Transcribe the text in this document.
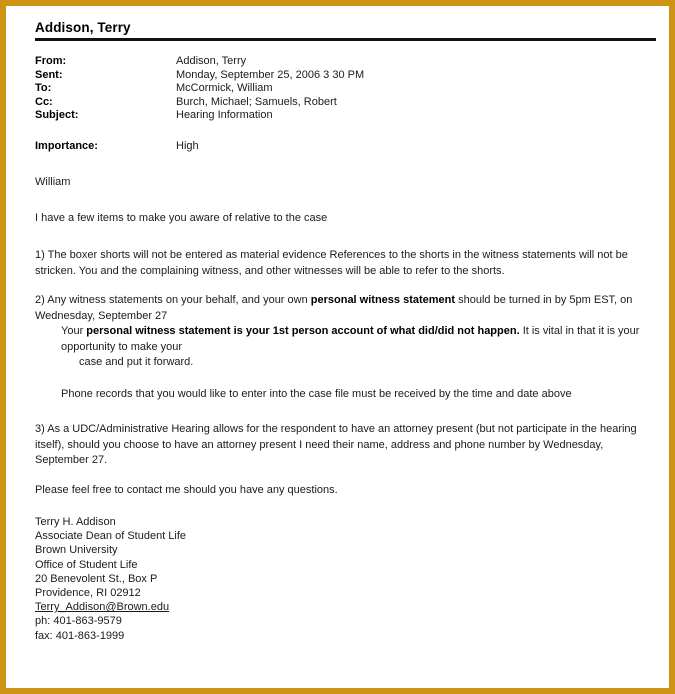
Addison, Terry
From:	Addison, Terry
Sent:	Monday, September 25, 2006 3 30 PM
To:	McCormick, William
Cc:	Burch, Michael; Samuels, Robert
Subject:	Hearing Information
Importance:	High

William

I have a few items to make you aware of relative to the case

1) The boxer shorts will not be entered as material evidence References to the shorts in the witness statements will not be stricken. You and the complaining witness, and other witnesses will be able to refer to the shorts.

2) Any witness statements on your behalf, and your own personal witness statement should be turned in by 5pm EST, on Wednesday, September 27

Your personal witness statement is your 1st person account of what did/did not happen. It is vital in that it is your opportunity to make your

case and put it forward.

Phone records that you would like to enter into the case file must be received by the time and date above

3) As a UDC/Administrative Hearing allows for the respondent to have an attorney present (but not participate in the hearing itself), should you choose to have an attorney present I need their name, address and phone number by Wednesday, September 27.

Please feel free to contact me should you have any questions.

Terry H. Addison
Associate Dean of Student Life
Brown University
Office of Student Life
20 Benevolent St., Box P
Providence, RI 02912
Terry_Addison@Brown.edu
ph: 401-863-9579
fax: 401-863-1999
